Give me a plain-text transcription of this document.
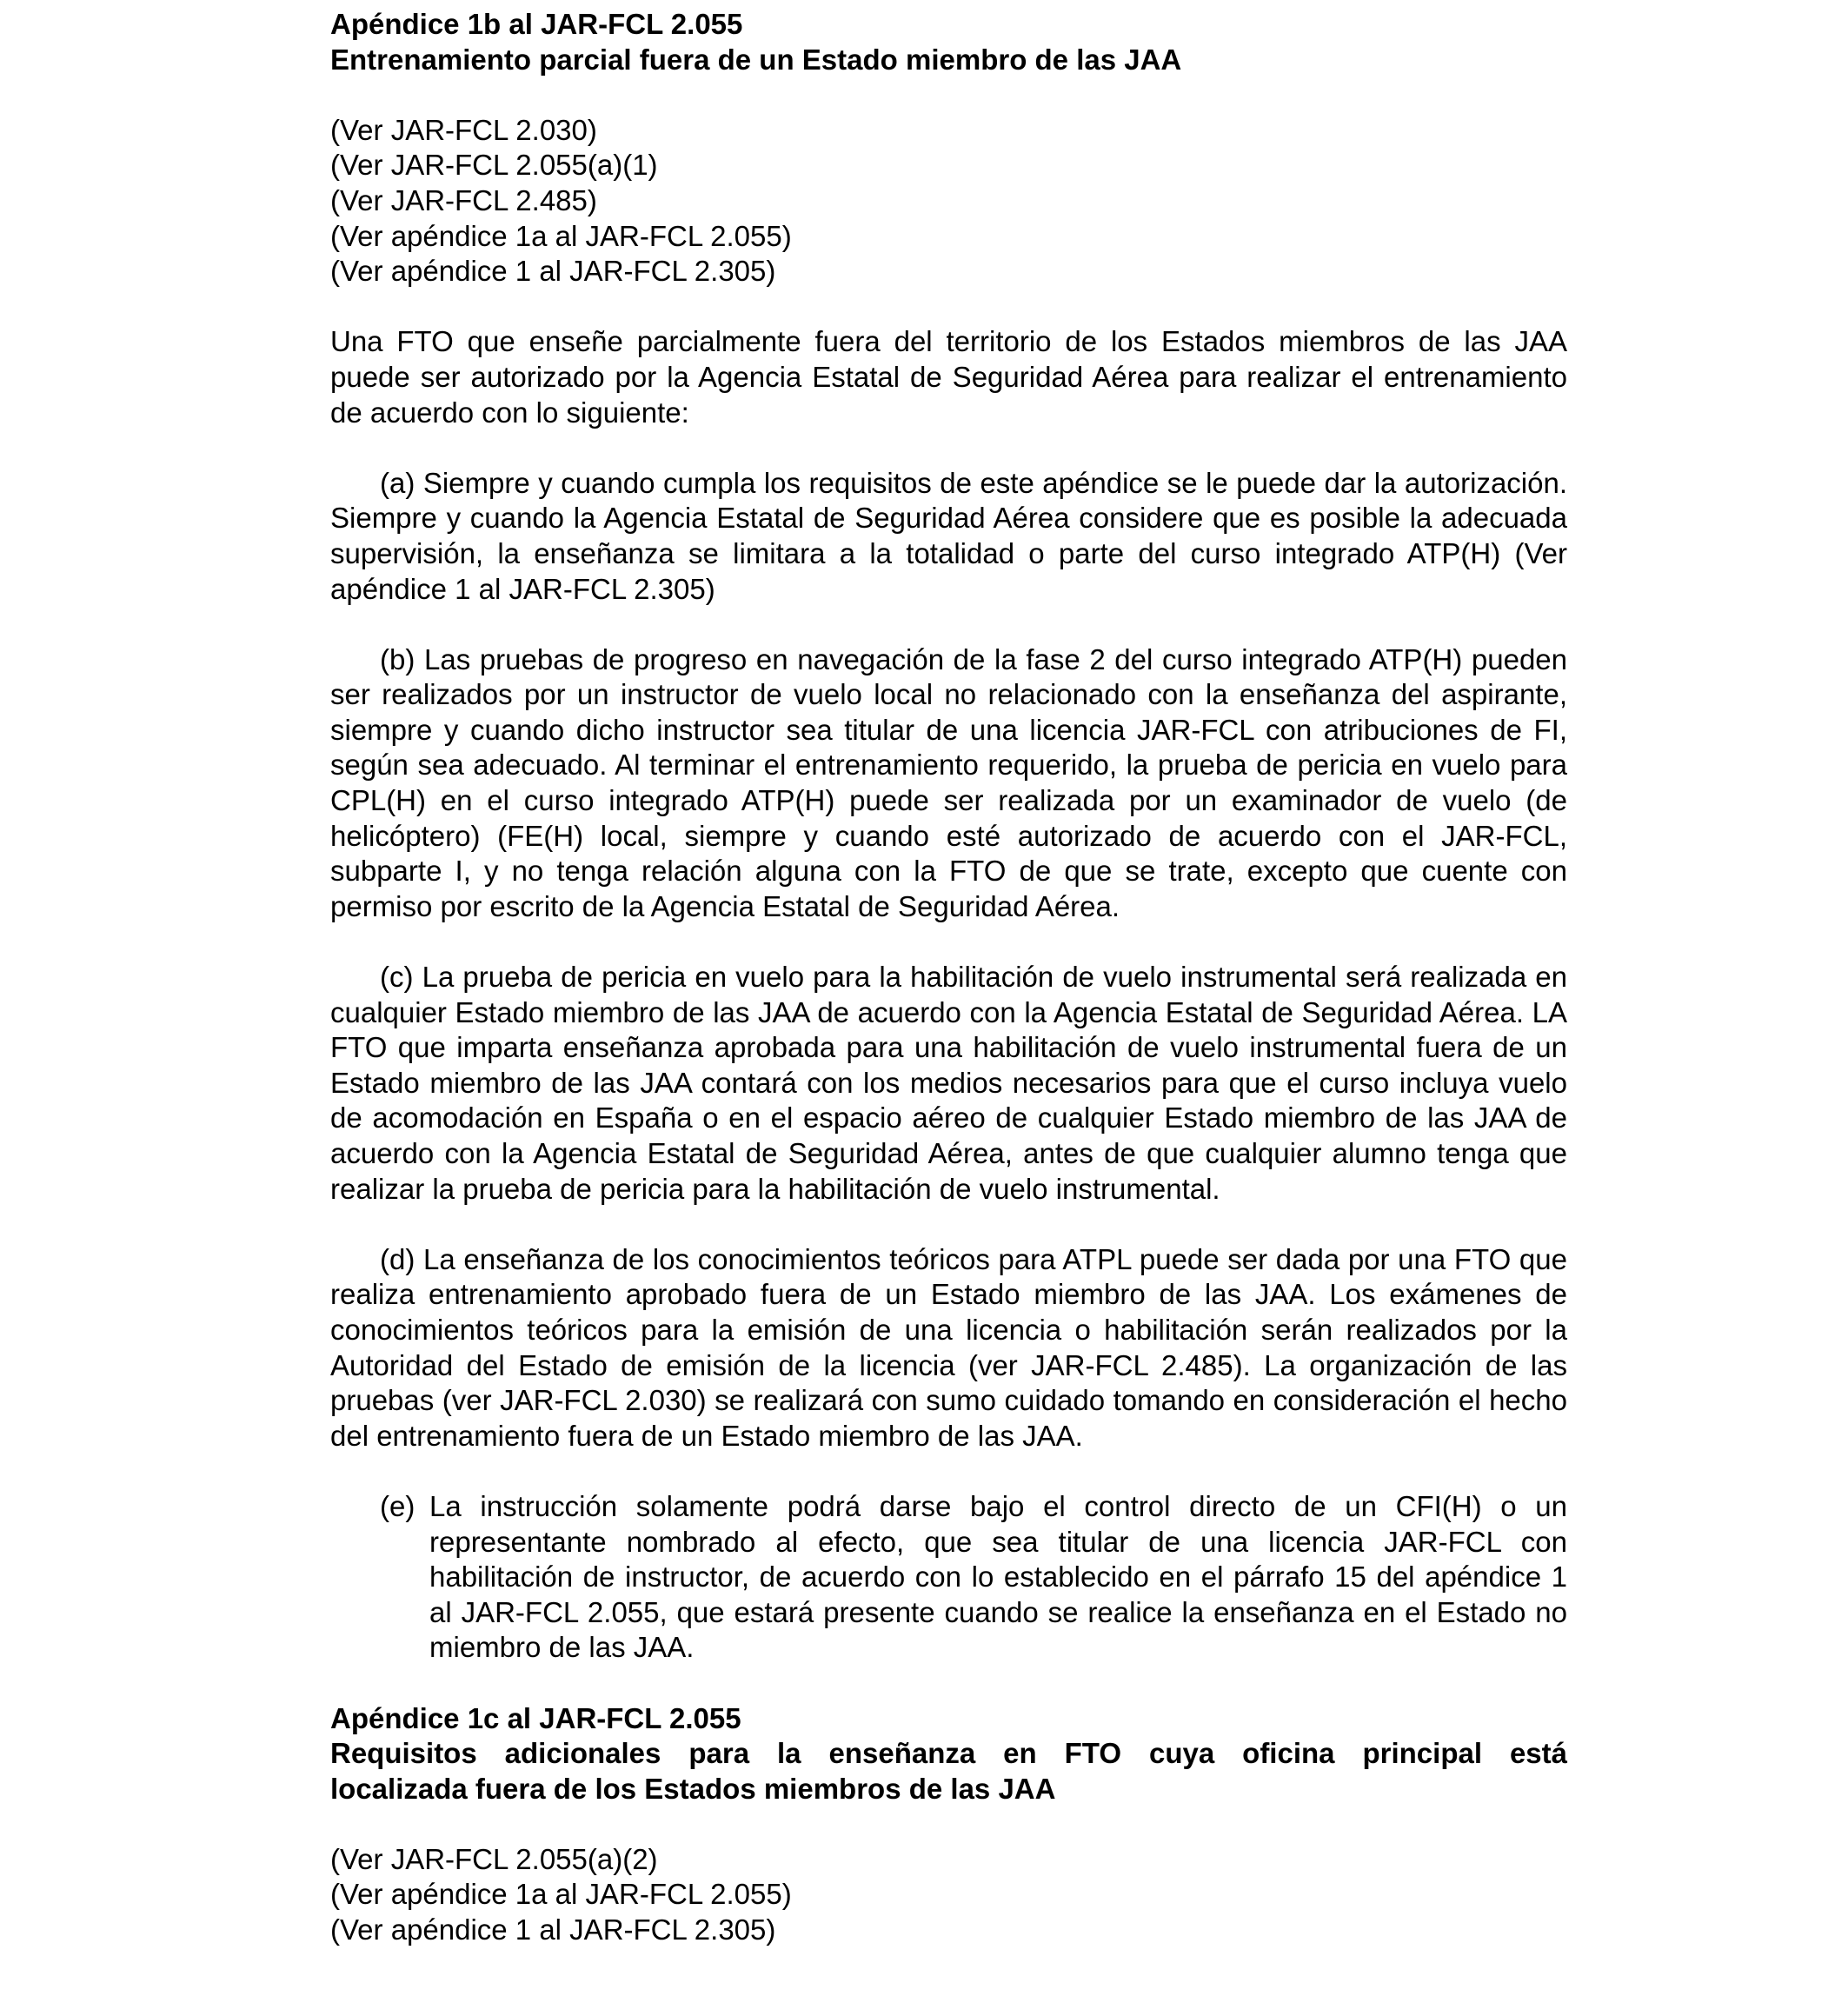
Apéndice 1b al JAR-FCL 2.055
Entrenamiento parcial fuera de un Estado miembro de las JAA
(Ver JAR-FCL 2.030)
(Ver JAR-FCL 2.055(a)(1)
(Ver JAR-FCL 2.485)
(Ver apéndice 1a al JAR-FCL 2.055)
(Ver apéndice 1 al JAR-FCL 2.305)

Una FTO que enseñe parcialmente fuera del territorio de los Estados miembros de las JAA puede ser autorizado por la Agencia Estatal de Seguridad Aérea para realizar el entrenamiento de acuerdo con lo siguiente:

(a) Siempre y cuando cumpla los requisitos de este apéndice se le puede dar la autorización. Siempre y cuando la Agencia Estatal de Seguridad Aérea considere que es posible la adecuada supervisión, la enseñanza se limitara a la totalidad o parte del curso integrado ATP(H) (Ver apéndice 1 al JAR-FCL 2.305)

(b) Las pruebas de progreso en navegación de la fase 2 del curso integrado ATP(H) pueden ser realizados por un instructor de vuelo local no relacionado con la enseñanza del aspirante, siempre y cuando dicho instructor sea titular de una licencia JAR-FCL con atribuciones de FI, según sea adecuado. Al terminar el entrenamiento requerido, la prueba de pericia en vuelo para CPL(H) en el curso integrado ATP(H) puede ser realizada por un examinador de vuelo (de helicóptero) (FE(H) local, siempre y cuando esté autorizado de acuerdo con el JAR-FCL, subparte I, y no tenga relación alguna con la FTO de que se trate, excepto que cuente con permiso por escrito de la Agencia Estatal de Seguridad Aérea.

(c) La prueba de pericia en vuelo para la habilitación de vuelo instrumental será realizada en cualquier Estado miembro de las JAA de acuerdo con la Agencia Estatal de Seguridad Aérea. LA FTO que imparta enseñanza aprobada para una habilitación de vuelo instrumental fuera de un Estado miembro de las JAA contará con los medios necesarios para que el curso incluya vuelo de acomodación en España o en el espacio aéreo de cualquier Estado miembro de las JAA de acuerdo con la Agencia Estatal de Seguridad Aérea, antes de que cualquier alumno tenga que realizar la prueba de pericia para la habilitación de vuelo instrumental.

(d) La enseñanza de los conocimientos teóricos para ATPL puede ser dada por una FTO que realiza entrenamiento aprobado fuera de un Estado miembro de las JAA. Los exámenes de conocimientos teóricos para la emisión de una licencia o habilitación serán realizados por la Autoridad del Estado de emisión de la licencia (ver JAR-FCL 2.485). La organización de las pruebas (ver JAR-FCL 2.030) se realizará con sumo cuidado tomando en consideración el hecho del entrenamiento fuera de un Estado miembro de las JAA.

(e) La instrucción solamente podrá darse bajo el control directo de un CFI(H) o un representante nombrado al efecto, que sea titular de una licencia JAR-FCL con habilitación de instructor, de acuerdo con lo establecido en el párrafo 15 del apéndice 1 al JAR-FCL 2.055, que estará presente cuando se realice la enseñanza en el Estado no miembro de las JAA.

Apéndice 1c al JAR-FCL 2.055
Requisitos adicionales para la enseñanza en FTO cuya oficina principal está
localizada fuera de los Estados miembros de las JAA
(Ver JAR-FCL 2.055(a)(2)
(Ver apéndice 1a al JAR-FCL 2.055)
(Ver apéndice 1 al JAR-FCL 2.305)
